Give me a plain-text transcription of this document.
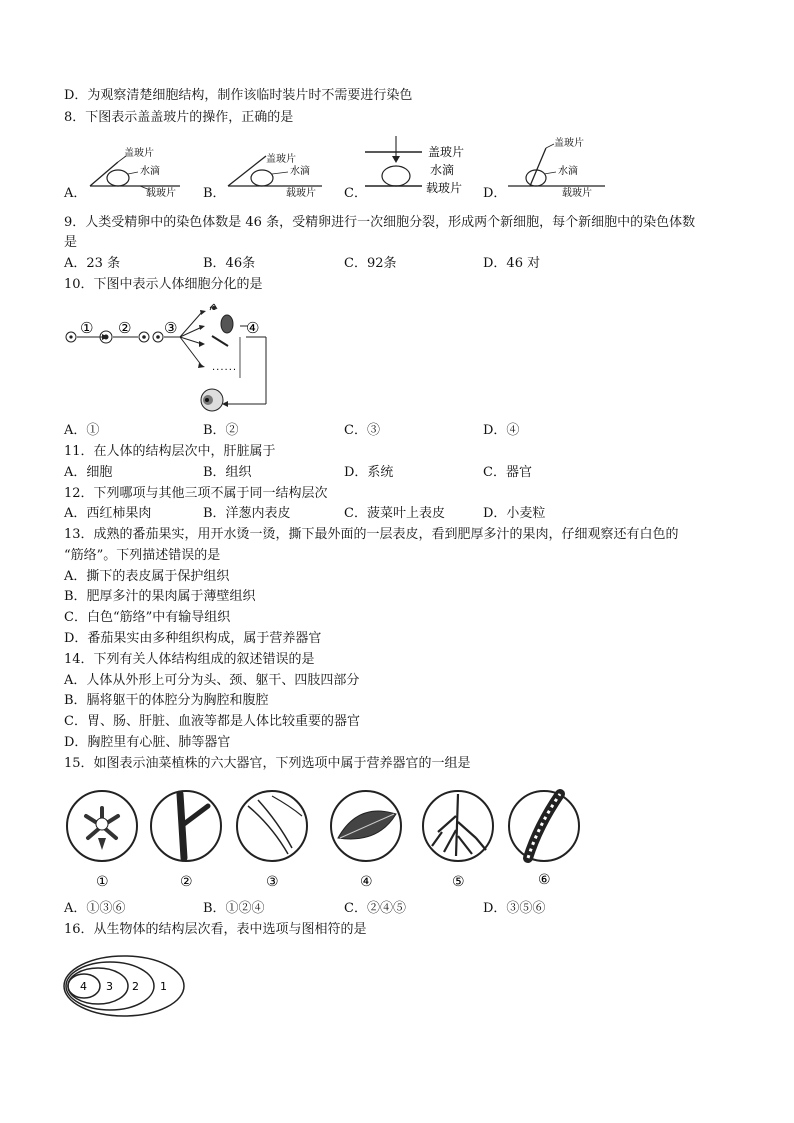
D．为观察清楚细胞结构，制作该临时装片时不需要进行染色
8．下图表示盖盖玻片的操作，正确的是
盖玻片
水滴
载玻片
盖玻片
水滴
载玻片
盖玻片
水滴
载玻片
盖玻片
水滴
载玻片
A．	B．	C．	D．
9．人类受精卵中的染色体数是 46 条，受精卵进行一次细胞分裂，形成两个新细胞，每个新细胞中的染色体数
是
A．23 条	B．46条	C．92条	D．46 对
10．下图中表示人体细胞分化的是
① ② ③
......
④
A．①	B．②	C．③	D．④
11．在人体的结构层次中，肝脏属于
A．细胞	B．组织	D．系统	C．器官
12．下列哪项与其他三项不属于同一结构层次
A．西红柿果肉	B．洋葱内表皮	C．菠菜叶上表皮	D．小麦粒
13．成熟的番茄果实，用开水烫一烫，撕下最外面的一层表皮，看到肥厚多汁的果肉，仔细观察还有白色的
“筋络”。下列描述错误的是
A．撕下的表皮属于保护组织
B．肥厚多汁的果肉属于薄壁组织
C．白色“筋络”中有输导组织
D．番茄果实由多种组织构成，属于营养器官
14．下列有关人体结构组成的叙述错误的是
A．人体从外形上可分为头、颈、躯干、四肢四部分
B．膈将躯干的体腔分为胸腔和腹腔
C．胃、肠、肝脏、血液等都是人体比较重要的器官
D．胸腔里有心脏、肺等器官
15．如图表示油菜植株的六大器官，下列选项中属于营养器官的一组是
①	②	③	④	⑤	⑥
A．①③⑥	B．①②④	C．②④⑤	D．③⑤⑥
16．从生物体的结构层次看，表中选项与图相符的是
4 3 2 1
